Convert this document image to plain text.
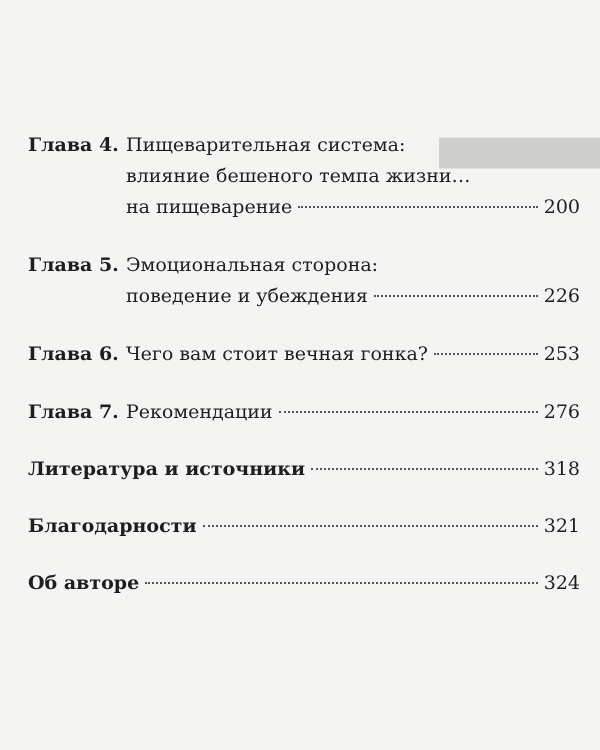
▇▇▇▇▇▇▇
Глава 4. Пищеварительная система:
влияние бешеного темпа жизни…
на пищеварение	200
Глава 5. Эмоциональная сторона:
поведение и убеждения	226
Глава 6. Чего вам стоит вечная гонка?	253
Глава 7. Рекомендации	276
Литература и источники	318
Благодарности	321
Об авторе	324
